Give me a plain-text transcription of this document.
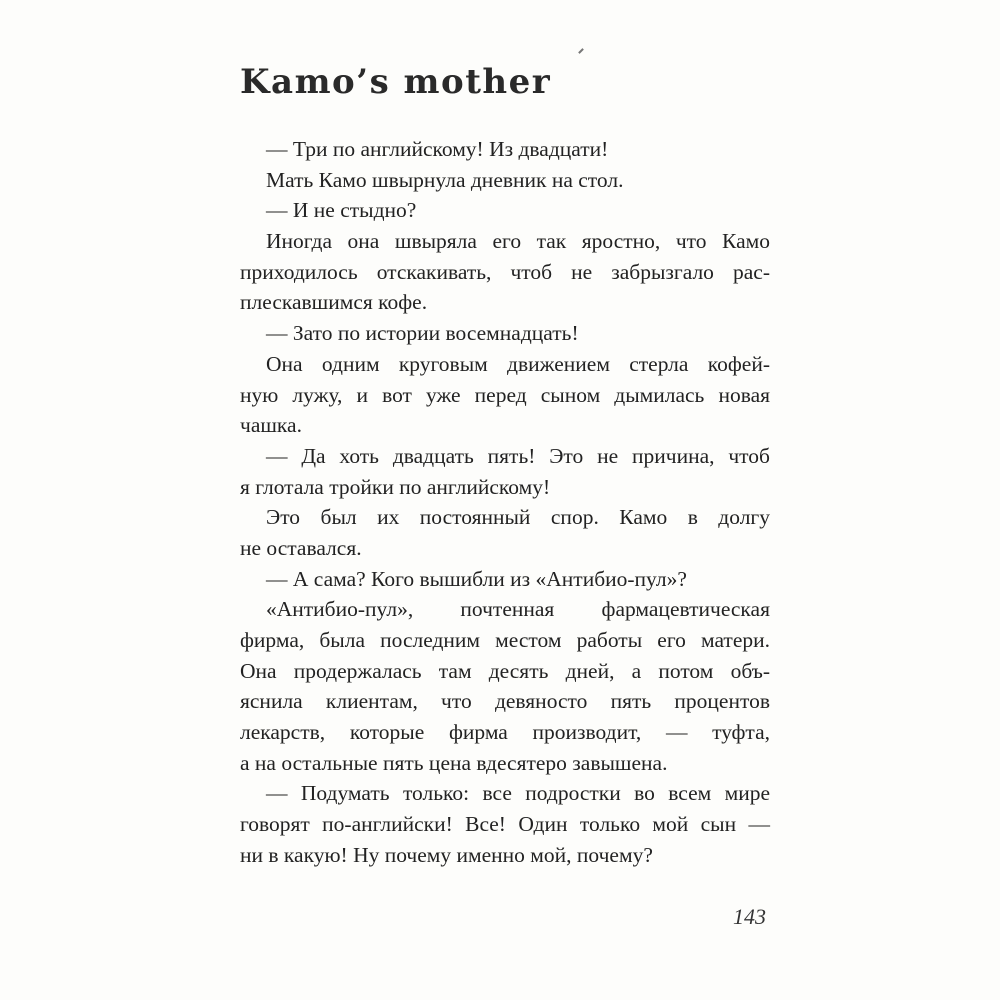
Kamo’s mother
— Три по английскому! Из двадцати!
Мать Камо швырнула дневник на стол.
— И не стыдно?
Иногда она швыряла его так яростно, что Камо
приходилось отскакивать, чтоб не забрызгало рас-
плескавшимся кофе.
— Зато по истории восемнадцать!
Она одним круговым движением стерла кофей-
ную лужу, и вот уже перед сыном дымилась новая
чашка.
— Да хоть двадцать пять! Это не причина, чтоб
я глотала тройки по английскому!
Это был их постоянный спор. Камо в долгу
не оставался.
— А сама? Кого вышибли из «Антибио-пул»?
«Антибио-пул», почтенная фармацевтическая
фирма, была последним местом работы его матери.
Она продержалась там десять дней, а потом объ-
яснила клиентам, что девяносто пять процентов
лекарств, которые фирма производит, — туфта,
а на остальные пять цена вдесятеро завышена.
— Подумать только: все подростки во всем мире
говорят по-английски! Все! Один только мой сын —
ни в какую! Ну почему именно мой, почему?
143
